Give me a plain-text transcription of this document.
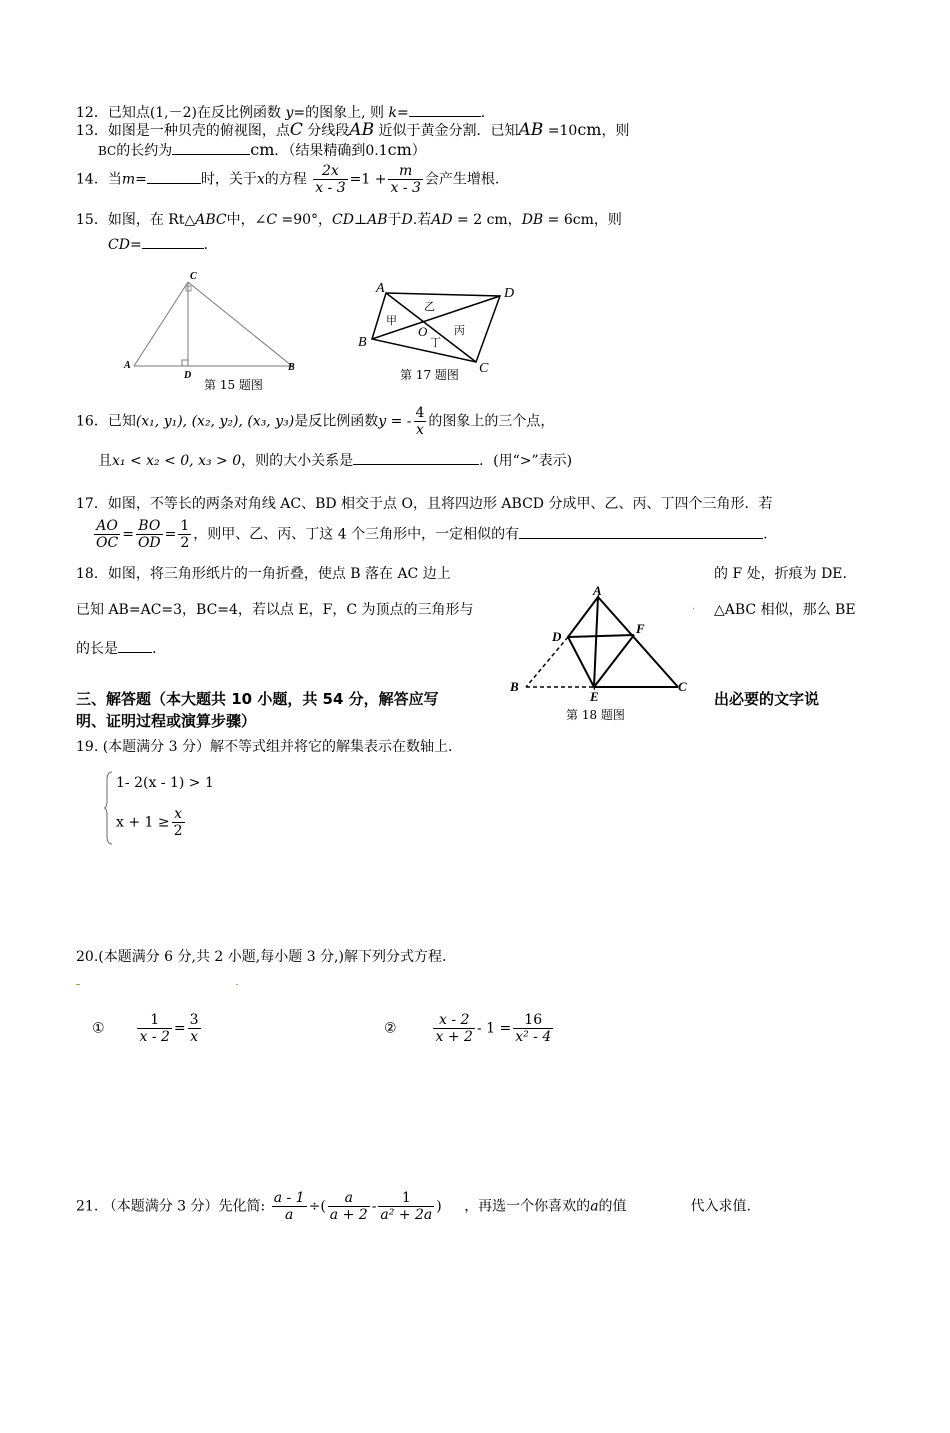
12．已知点(1,－2)在反比例函数 y=的图象上, 则 k=	.
13．如图是一种贝壳的俯视图，点C 分线段AB 近似于黄金分割．已知AB =10cm，则
BC的长约为	cm．（结果精确到0.1cm）
14．当m=	时，关于x的方程 $\frac{2x}{x - 3} =1 + \frac{m}{x - 3}$ 会产生增根.
15．如图，在 Rt△ABC中，∠C =90°，CD⊥AB于D.若AD = 2 cm，DB = 6cm，则
CD=	.
A	B
C
D
第 15 题图
A	D
B
C
O
甲
乙
丙
丁
第 17 题图
16．已知(x₁, y₁), (x₂, y₂), (x₃, y₃)是反比例函数y = - $\frac{4}{x}$ 的图象上的三个点，
且x₁ < x₂ < 0, x₃ > 0，则的大小关系是	．(用“>”表示)
17．如图，不等长的两条对角线 AC、BD 相交于点 O，且将四边形 ABCD 分成甲、乙、丙、丁四个三角形．若
$\frac{AO}{OC} = \frac{BO}{OD} = \frac{1}{2}$ ，则甲、乙、丙、丁这 4 个三角形中，一定相似的有	.
18．如图，将三角形纸片的一角折叠，使点 B 落在 AC 边上	的 F 处，折痕为 DE.
已知 AB=AC=3，BC=4，若以点 E，F，C 为顶点的三角形与	· △ABC 相似，那么 BE
的长是 .
A
D
F
B	C
E
第 18 题图
三、解答题（本大题共 10 小题，共 54 分，解答应写	出必要的文字说
明、证明过程或演算步骤）
19. (本题满分 3 分）解不等式组并将它的解集表示在数轴上.
1- 2(x - 1) > 1
$x + 1 \ge \frac{x}{2}$
20.(本题满分 6 分,共 2 小题,每小题 3 分,)解下列分式方程.
① $\frac{1}{x - 2} = \frac{3}{x}$	②	$\frac{x - 2}{x + 2} - 1 = \frac{16}{\text{x² - 4}}$
21. （本题满分 3 分）先化简: $\frac{a - 1}{a}$ ÷( $\frac{a}{a + 2} - \frac{1}{\text{a² + 2a}}$ ) ，再选一个你喜欢的a的值	代入求值.
